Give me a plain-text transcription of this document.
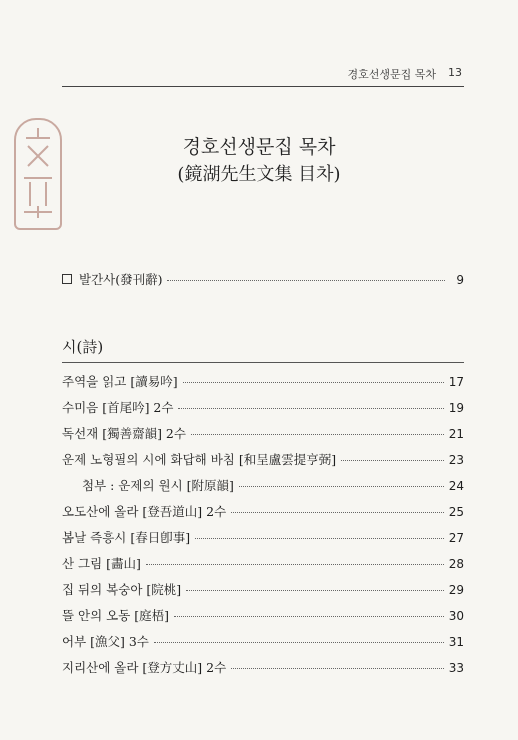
경호선생문집 목차 13
경호선생문집 목차
(鏡湖先生文集 目차)
발간사(發刊辭)	9
시(詩)
주역을 읽고 [讀易吟]	17
수미음 [首尾吟] 2수	19
독선재 [獨善齋韻] 2수	21
운제 노형필의 시에 화답해 바침 [和呈盧雲提亨弼]	23
첨부 : 운제의 원시 [附原韻]	24
오도산에 올라 [登吾道山] 2수	25
봄날 즉흥시 [春日卽事]	27
산 그림 [畵山]	28
집 뒤의 복숭아 [院桃]	29
뜰 안의 오동 [庭梧]	30
어부 [漁父] 3수	31
지리산에 올라 [登方丈山] 2수	33
